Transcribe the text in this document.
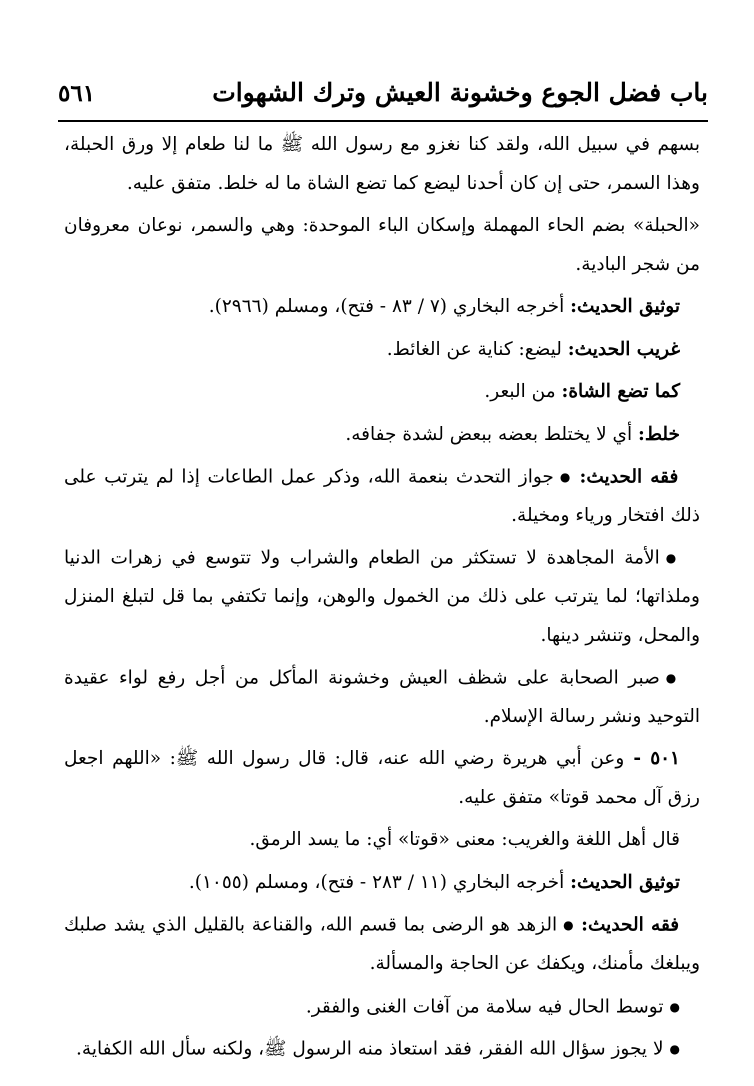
باب فضل الجوع وخشونة العيش وترك الشهوات
٥٦١

بسهم في سبيل الله، ولقد كنا نغزو مع رسول الله ﷺ ما لنا طعام إلا ورق الحبلة، وهذا السمر، حتى إن كان أحدنا ليضع كما تضع الشاة ما له خلط. متفق عليه.

«الحبلة» بضم الحاء المهملة وإسكان الباء الموحدة: وهي والسمر، نوعان معروفان من شجر البادية.

توثيق الحديث: أخرجه البخاري (٧ / ٨٣ - فتح)، ومسلم (٢٩٦٦).

غريب الحديث: ليضع: كناية عن الغائط.

كما تضع الشاة: من البعر.

خلط: أي لا يختلط بعضه ببعض لشدة جفافه.

فقه الحديث: ● جواز التحدث بنعمة الله، وذكر عمل الطاعات إذا لم يترتب على ذلك افتخار ورياء ومخيلة.

● الأمة المجاهدة لا تستكثر من الطعام والشراب ولا تتوسع في زهرات الدنيا وملذاتها؛ لما يترتب على ذلك من الخمول والوهن، وإنما تكتفي بما قل لتبلغ المنزل والمحل، وتنشر دينها.

● صبر الصحابة على شظف العيش وخشونة المأكل من أجل رفع لواء عقيدة التوحيد ونشر رسالة الإسلام.

٥٠١ - وعن أبي هريرة رضي الله عنه، قال: قال رسول الله ﷺ: «اللهم اجعل رزق آل محمد قوتا» متفق عليه.

قال أهل اللغة والغريب: معنى «قوتا» أي: ما يسد الرمق.

توثيق الحديث: أخرجه البخاري (١١ / ٢٨٣ - فتح)، ومسلم (١٠٥٥).

فقه الحديث: ● الزهد هو الرضى بما قسم الله، والقناعة بالقليل الذي يشد صلبك ويبلغك مأمنك، ويكفك عن الحاجة والمسألة.

● توسط الحال فيه سلامة من آفات الغنى والفقر.

● لا يجوز سؤال الله الفقر، فقد استعاذ منه الرسول ﷺ، ولكنه سأل الله الكفاية.
